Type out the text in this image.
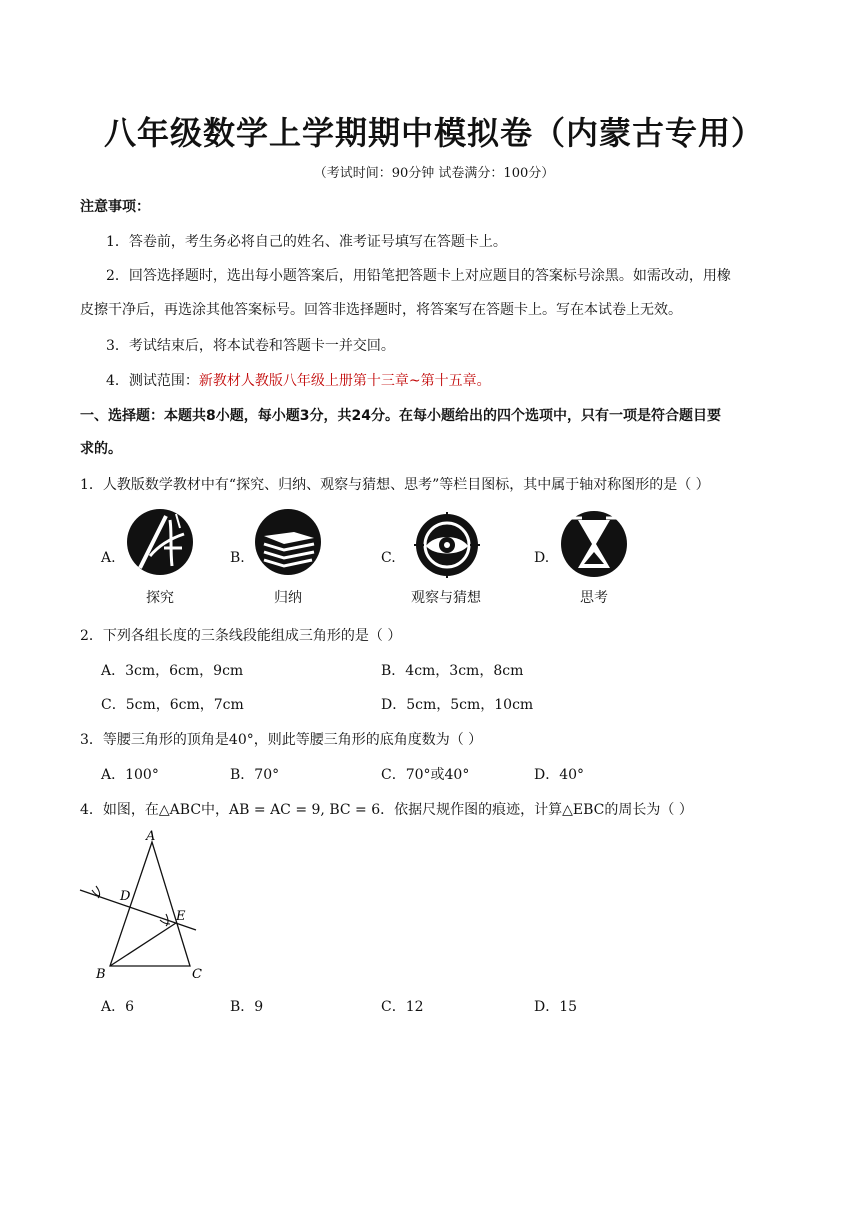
八年级数学上学期期中模拟卷（内蒙古专用）
（考试时间：90分钟 试卷满分：100分）
注意事项：
1．答卷前，考生务必将自己的姓名、准考证号填写在答题卡上。
2．回答选择题时，选出每小题答案后，用铅笔把答题卡上对应题目的答案标号涂黑。如需改动，用橡
皮擦干净后，再选涂其他答案标号。回答非选择题时，将答案写在答题卡上。写在本试卷上无效。
3．考试结束后，将本试卷和答题卡一并交回。
4．测试范围：新教材人教版八年级上册第十三章~第十五章。
一、选择题：本题共8小题，每小题3分，共24分。在每小题给出的四个选项中，只有一项是符合题目要
求的。
1．人教版数学教材中有“探究、归纳、观察与猜想、思考”等栏目图标，其中属于轴对称图形的是（ ）
A.
探究
B.
归纳
C.
观察与猜想
D.
思考
2．下列各组长度的三条线段能组成三角形的是（ ）
A．3cm，6cm，9cm	B．4cm，3cm，8cm
C．5cm，6cm，7cm	D．5cm，5cm，10cm
3．等腰三角形的顶角是40°，则此等腰三角形的底角度数为（ ）
A．100°	B．70°	C．70°或40°	D．40°
4．如图，在△ABC中，AB = AC = 9, BC = 6．依据尺规作图的痕迹，计算△EBC的周长为（ ）
A
B	C
D
E
A．6	B．9	C．12	D．15
